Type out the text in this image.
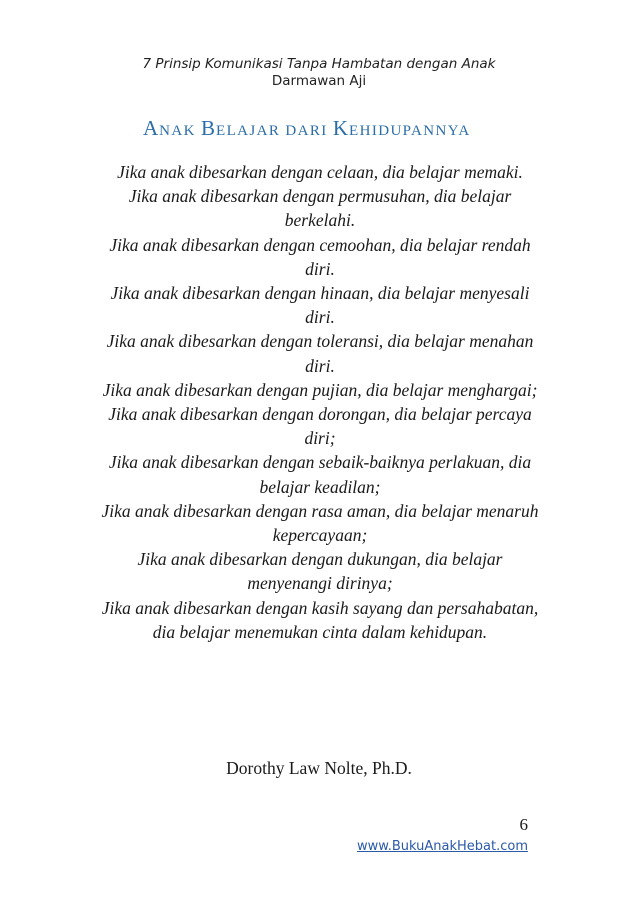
7 Prinsip Komunikasi Tanpa Hambatan dengan Anak
Darmawan Aji
ANAK BELAJAR DARI KEHIDUPANNYA
Jika anak dibesarkan dengan celaan, dia belajar memaki.
Jika anak dibesarkan dengan permusuhan, dia belajar berkelahi.
Jika anak dibesarkan dengan cemoohan, dia belajar rendah diri.
Jika anak dibesarkan dengan hinaan, dia belajar menyesali diri.
Jika anak dibesarkan dengan toleransi, dia belajar menahan diri.
Jika anak dibesarkan dengan pujian, dia belajar menghargai;
Jika anak dibesarkan dengan dorongan, dia belajar percaya diri;
Jika anak dibesarkan dengan sebaik-baiknya perlakuan, dia belajar keadilan;
Jika anak dibesarkan dengan rasa aman, dia belajar menaruh kepercayaan;
Jika anak dibesarkan dengan dukungan, dia belajar menyenangi dirinya;
Jika anak dibesarkan dengan kasih sayang dan persahabatan, dia belajar menemukan cinta dalam kehidupan.
Dorothy Law Nolte, Ph.D.
6
www.BukuAnakHebat.com
